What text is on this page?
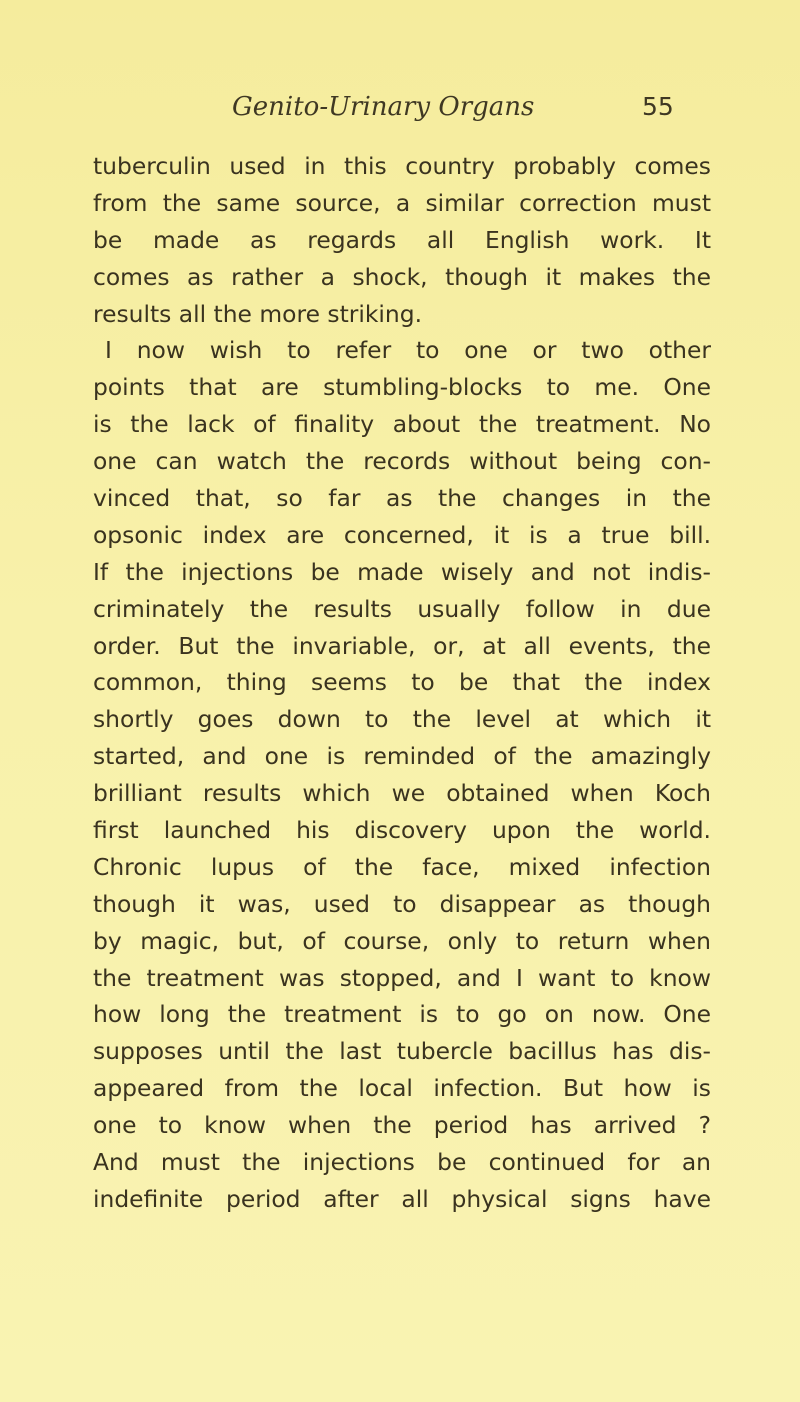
Genito-Urinary Organs	55
tuberculin used in this country probably comes
from the same source, a similar correction must
be made as regards all English work. It
comes as rather a shock, though it makes the
results all the more striking.
I now wish to refer to one or two other
points that are stumbling-blocks to me. One
is the lack of finality about the treatment. No
one can watch the records without being con-
vinced that, so far as the changes in the
opsonic index are concerned, it is a true bill.
If the injections be made wisely and not indis-
criminately the results usually follow in due
order. But the invariable, or, at all events, the
common, thing seems to be that the index
shortly goes down to the level at which it
started, and one is reminded of the amazingly
brilliant results which we obtained when Koch
first launched his discovery upon the world.
Chronic lupus of the face, mixed infection
though it was, used to disappear as though
by magic, but, of course, only to return when
the treatment was stopped, and I want to know
how long the treatment is to go on now. One
supposes until the last tubercle bacillus has dis-
appeared from the local infection. But how is
one to know when the period has arrived ?
And must the injections be continued for an
indefinite period after all physical signs have
